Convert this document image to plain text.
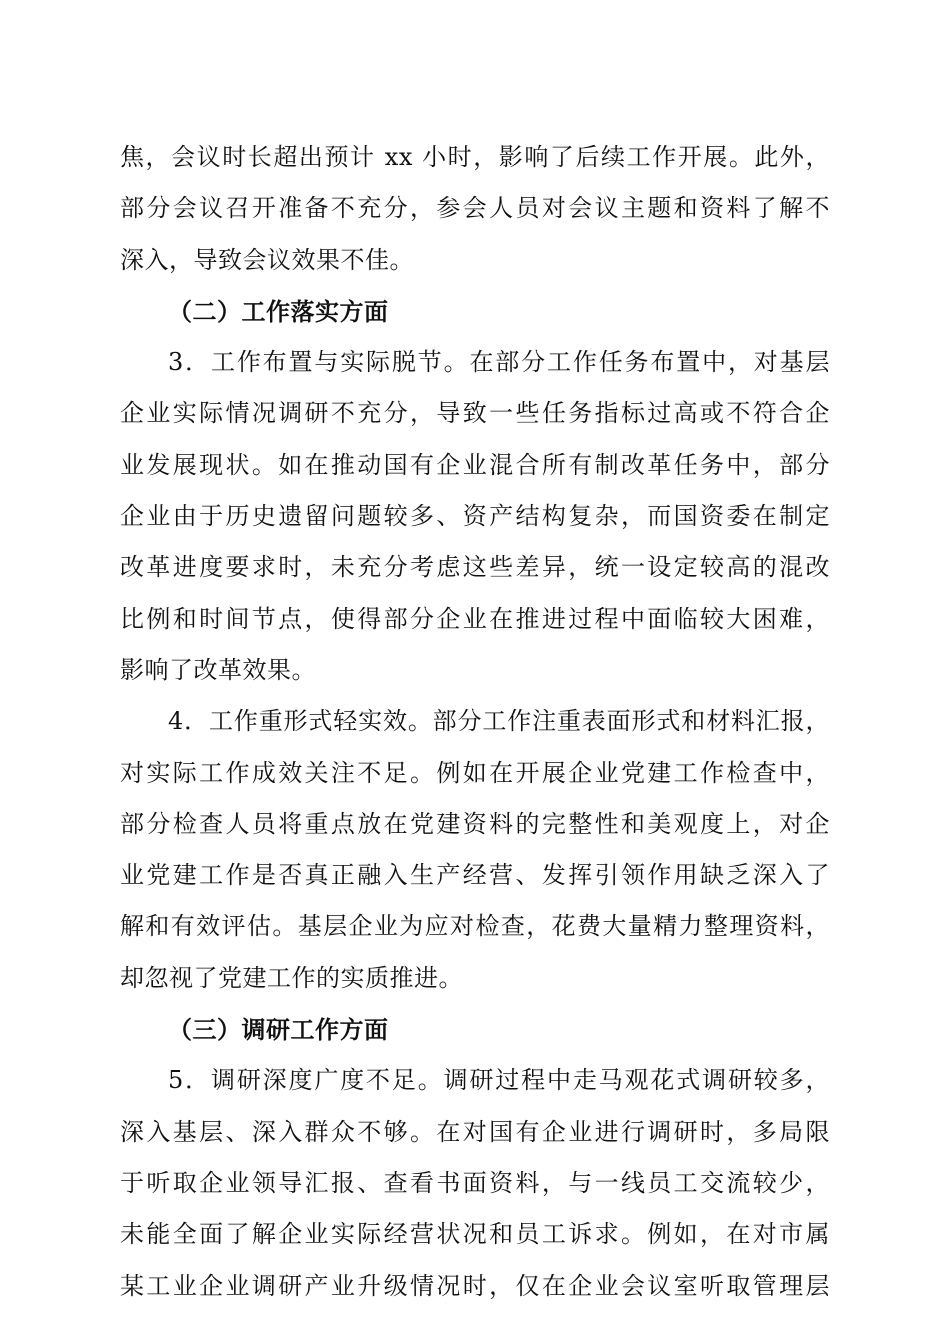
焦，会议时长超出预计 xx 小时，影响了后续工作开展。此外，
部分会议召开准备不充分，参会人员对会议主题和资料了解不
深入，导致会议效果不佳。
（二）工作落实方面
3．工作布置与实际脱节。在部分工作任务布置中，对基层
企业实际情况调研不充分，导致一些任务指标过高或不符合企
业发展现状。如在推动国有企业混合所有制改革任务中，部分
企业由于历史遗留问题较多、资产结构复杂，而国资委在制定
改革进度要求时，未充分考虑这些差异，统一设定较高的混改
比例和时间节点，使得部分企业在推进过程中面临较大困难，
影响了改革效果。
4．工作重形式轻实效。部分工作注重表面形式和材料汇报，
对实际工作成效关注不足。例如在开展企业党建工作检查中，
部分检查人员将重点放在党建资料的完整性和美观度上，对企
业党建工作是否真正融入生产经营、发挥引领作用缺乏深入了
解和有效评估。基层企业为应对检查，花费大量精力整理资料，
却忽视了党建工作的实质推进。
（三）调研工作方面
5．调研深度广度不足。调研过程中走马观花式调研较多，
深入基层、深入群众不够。在对国有企业进行调研时，多局限
于听取企业领导汇报、查看书面资料，与一线员工交流较少，
未能全面了解企业实际经营状况和员工诉求。例如，在对市属
某工业企业调研产业升级情况时，仅在企业会议室听取管理层
